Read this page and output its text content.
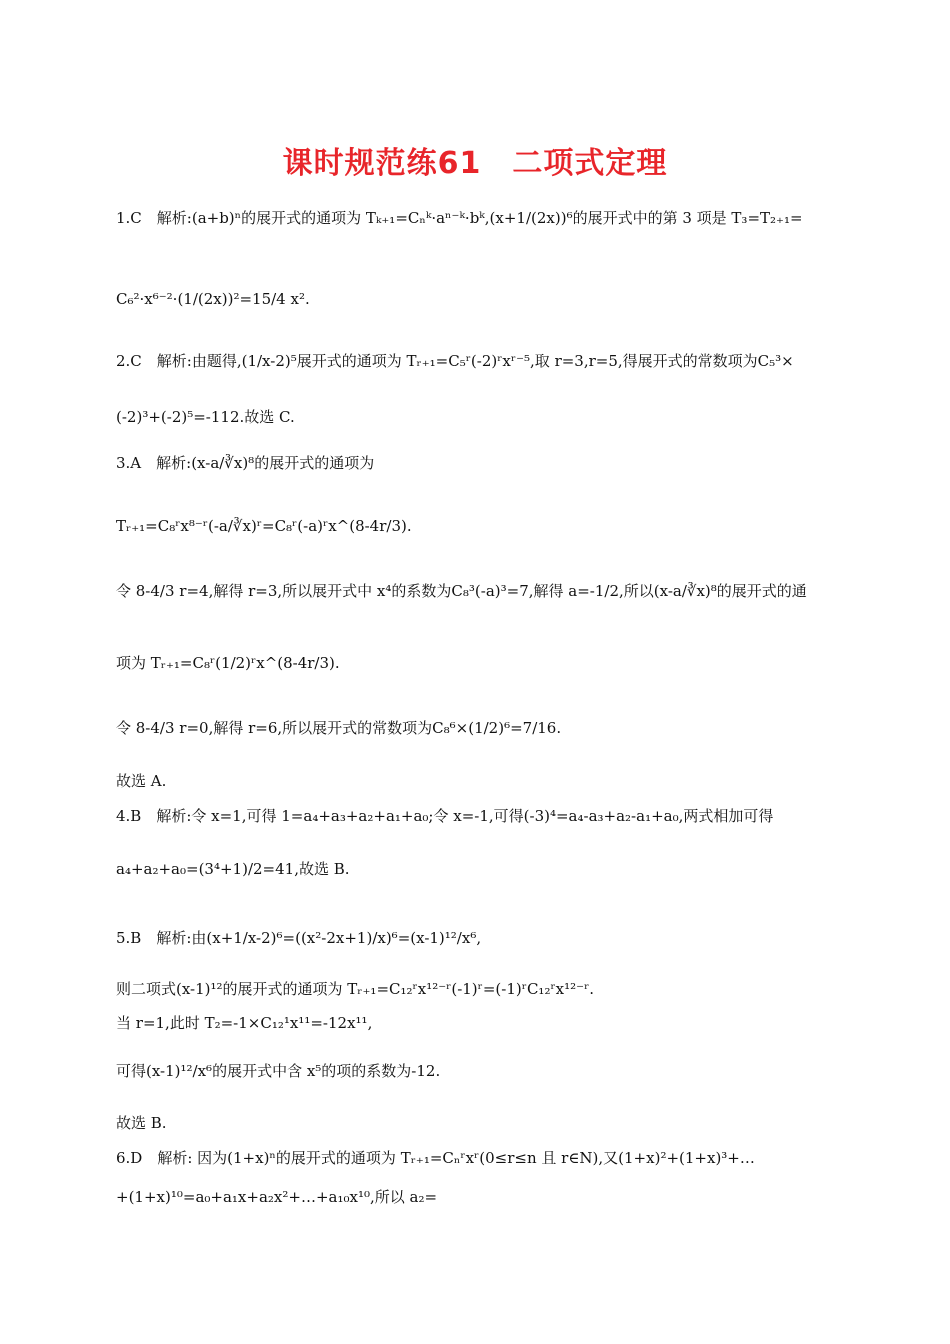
课时规范练61　二项式定理
1.C　解析:(a+b)ⁿ的展开式的通项为 Tₖ₊₁=Cₙᵏ·aⁿ⁻ᵏ·bᵏ,(x+1/(2x))⁶的展开式中的第 3 项是 T₃=T₂₊₁=
C₆²·x⁶⁻²·(1/(2x))²=15/4 x².
2.C　解析:由题得,(1/x-2)⁵展开式的通项为 Tᵣ₊₁=C₅ʳ(-2)ʳxʳ⁻⁵,取 r=3,r=5,得展开式的常数项为C₅³×
(-2)³+(-2)⁵=-112.故选 C.
3.A　解析:(x-a/∛x)⁸的展开式的通项为
Tᵣ₊₁=C₈ʳx⁸⁻ʳ(-a/∛x)ʳ=C₈ʳ(-a)ʳx^(8-4r/3).
令 8-4/3 r=4,解得 r=3,所以展开式中 x⁴的系数为C₈³(-a)³=7,解得 a=-1/2,所以(x-a/∛x)⁸的展开式的通
项为 Tᵣ₊₁=C₈ʳ(1/2)ʳx^(8-4r/3).
令 8-4/3 r=0,解得 r=6,所以展开式的常数项为C₈⁶×(1/2)⁶=7/16.
故选 A.
4.B　解析:令 x=1,可得 1=a₄+a₃+a₂+a₁+a₀;令 x=-1,可得(-3)⁴=a₄-a₃+a₂-a₁+a₀,两式相加可得
a₄+a₂+a₀=(3⁴+1)/2=41,故选 B.
5.B　解析:由(x+1/x-2)⁶=((x²-2x+1)/x)⁶=(x-1)¹²/x⁶,
则二项式(x-1)¹²的展开式的通项为 Tᵣ₊₁=C₁₂ʳx¹²⁻ʳ(-1)ʳ=(-1)ʳC₁₂ʳx¹²⁻ʳ.
当 r=1,此时 T₂=-1×C₁₂¹x¹¹=-12x¹¹,
可得(x-1)¹²/x⁶的展开式中含 x⁵的项的系数为-12.
故选 B.
6.D　解析: 因为(1+x)ⁿ的展开式的通项为 Tᵣ₊₁=Cₙʳxʳ(0≤r≤n 且 r∈N),又(1+x)²+(1+x)³+…
+(1+x)¹⁰=a₀+a₁x+a₂x²+…+a₁₀x¹⁰,所以 a₂=
